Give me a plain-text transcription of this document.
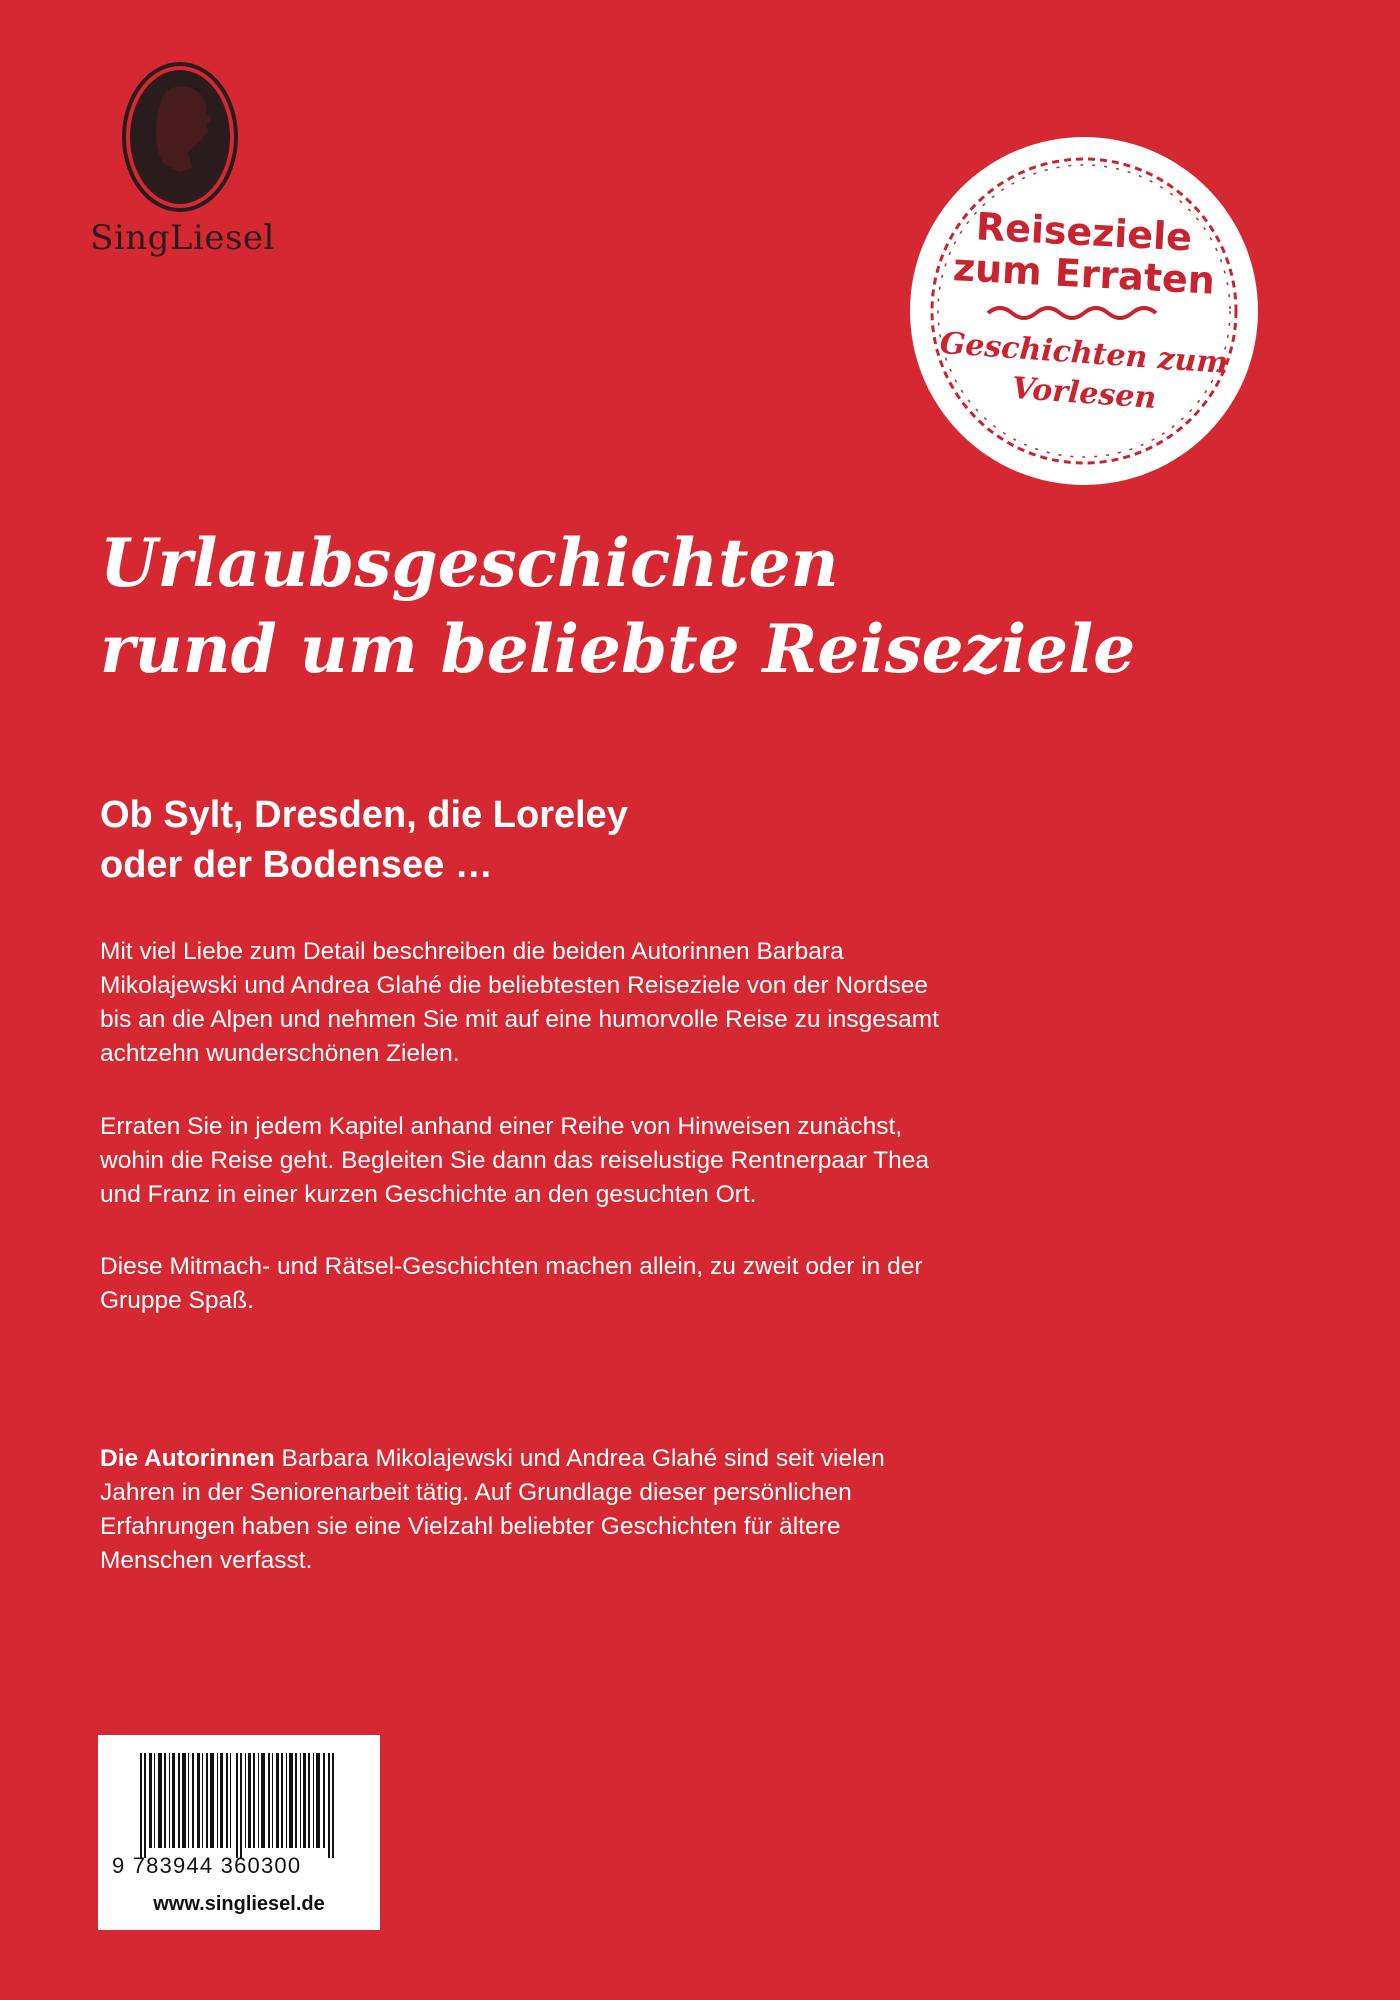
SingLiesel	Reiseziele
zum Erraten
Geschichten zum
Vorlesen
Urlaubsgeschichten
rund um beliebte Reiseziele
Ob Sylt, Dresden, die Loreley
oder der Bodensee …

Mit viel Liebe zum Detail beschreiben die beiden Autorinnen Barbara Mikolajewski und Andrea Glahé die beliebtesten Reiseziele von der Nordsee bis an die Alpen und nehmen Sie mit auf eine humorvolle Reise zu insgesamt achtzehn wunderschönen Zielen.

Erraten Sie in jedem Kapitel anhand einer Reihe von Hinweisen zunächst, wohin die Reise geht. Begleiten Sie dann das reiselustige Rentnerpaar Thea und Franz in einer kurzen Geschichte an den gesuchten Ort.

Diese Mitmach- und Rätsel-Geschichten machen allein, zu zweit oder in der Gruppe Spaß.

Die Autorinnen Barbara Mikolajewski und Andrea Glahé sind seit vielen Jahren in der Seniorenarbeit tätig. Auf Grundlage dieser persönlichen Erfahrungen haben sie eine Vielzahl beliebter Geschichten für ältere Menschen verfasst.

9 783944 360300
www.singliesel.de
